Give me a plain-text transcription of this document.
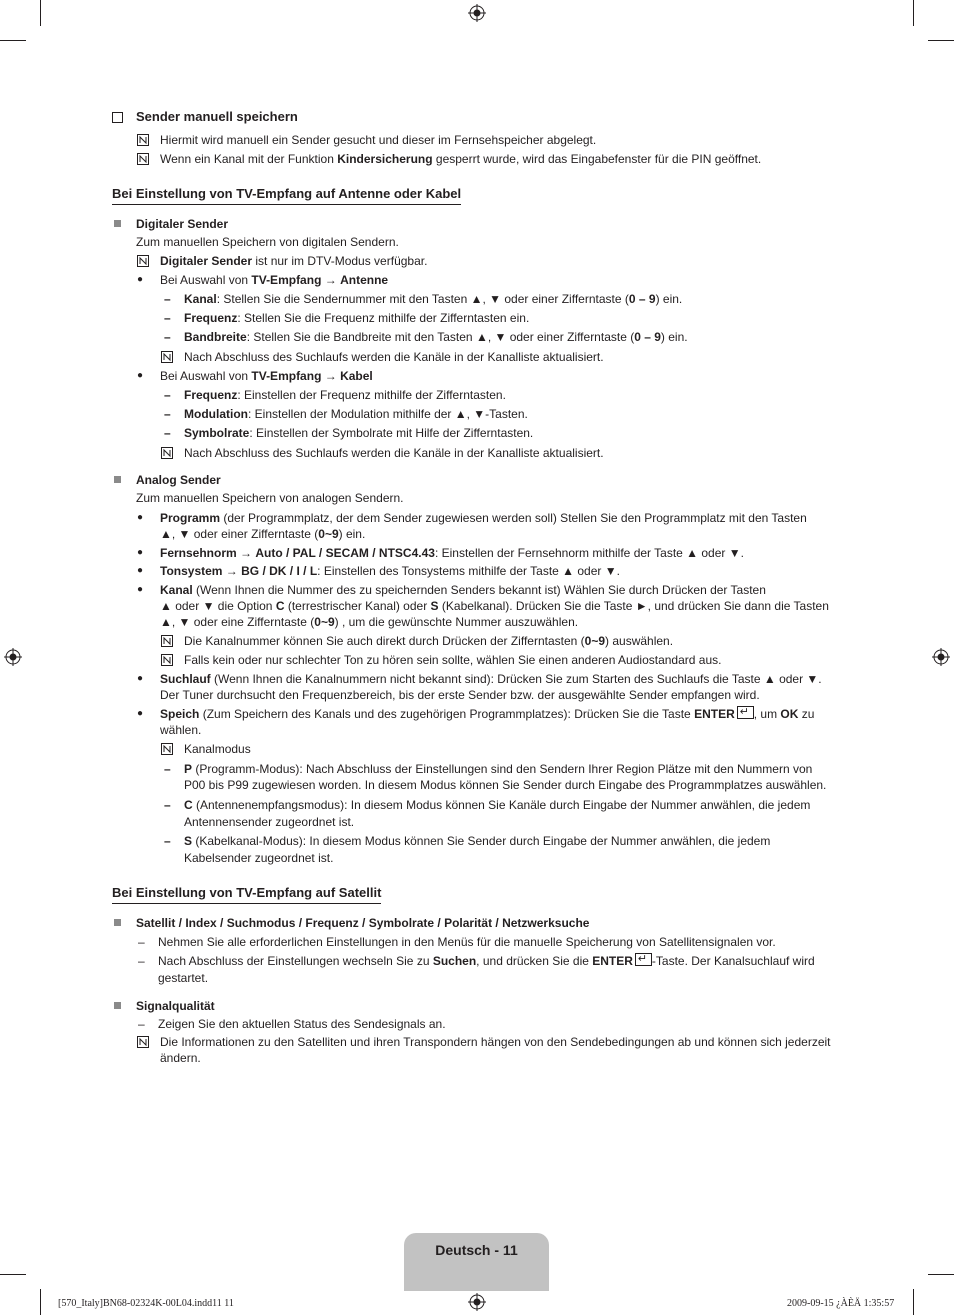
Sender manuell speichern
Hiermit wird manuell ein Sender gesucht und dieser im Fernsehspeicher abgelegt.
Wenn ein Kanal mit der Funktion Kindersicherung gesperrt wurde, wird das Eingabefenster für die PIN geöffnet.
Bei Einstellung von TV-Empfang auf Antenne oder Kabel
Digitaler Sender
Zum manuellen Speichern von digitalen Sendern.
Digitaler Sender ist nur im DTV-Modus verfügbar.
● Bei Auswahl von TV-Empfang → Antenne
– Kanal: Stellen Sie die Sendernummer mit den Tasten ▲, ▼ oder einer Zifferntaste (0 – 9) ein.
– Frequenz: Stellen Sie die Frequenz mithilfe der Zifferntasten ein.
– Bandbreite: Stellen Sie die Bandbreite mit den Tasten ▲, ▼ oder einer Zifferntaste (0 – 9) ein.
Nach Abschluss des Suchlaufs werden die Kanäle in der Kanalliste aktualisiert.
● Bei Auswahl von TV-Empfang → Kabel
– Frequenz: Einstellen der Frequenz mithilfe der Zifferntasten.
– Modulation: Einstellen der Modulation mithilfe der ▲, ▼-Tasten.
– Symbolrate: Einstellen der Symbolrate mit Hilfe der Zifferntasten.
Nach Abschluss des Suchlaufs werden die Kanäle in der Kanalliste aktualisiert.
Analog Sender
Zum manuellen Speichern von analogen Sendern.
● Programm (der Programmplatz, der dem Sender zugewiesen werden soll) Stellen Sie den Programmplatz mit den Tasten
▲, ▼ oder einer Zifferntaste (0~9) ein.
● Fernsehnorm → Auto / PAL / SECAM / NTSC4.43: Einstellen der Fernsehnorm mithilfe der Taste ▲ oder ▼.
● Tonsystem → BG / DK / I / L: Einstellen des Tonsystems mithilfe der Taste ▲ oder ▼.
● Kanal (Wenn Ihnen die Nummer des zu speichernden Senders bekannt ist) Wählen Sie durch Drücken der Tasten
▲ oder ▼ die Option C (terrestrischer Kanal) oder S (Kabelkanal). Drücken Sie die Taste ►, und drücken Sie dann die Tasten
▲, ▼ oder eine Zifferntaste (0~9) , um die gewünschte Nummer auszuwählen.
Die Kanalnummer können Sie auch direkt durch Drücken der Zifferntasten (0~9) auswählen.
Falls kein oder nur schlechter Ton zu hören sein sollte, wählen Sie einen anderen Audiostandard aus.
● Suchlauf (Wenn Ihnen die Kanalnummern nicht bekannt sind): Drücken Sie zum Starten des Suchlaufs die Taste ▲ oder ▼.
Der Tuner durchsucht den Frequenzbereich, bis der erste Sender bzw. der ausgewählte Sender empfangen wird.
● Speich (Zum Speichern des Kanals und des zugehörigen Programmplatzes): Drücken Sie die Taste ENTER ↵ , um OK zu
wählen.
Kanalmodus
– P (Programm-Modus): Nach Abschluss der Einstellungen sind den Sendern Ihrer Region Plätze mit den Nummern von
P00 bis P99 zugewiesen worden. In diesem Modus können Sie Sender durch Eingabe des Programmplatzes auswählen.
– C (Antennenempfangsmodus): In diesem Modus können Sie Kanäle durch Eingabe der Nummer anwählen, die jedem
Antennensender zugeordnet ist.
– S (Kabelkanal-Modus): In diesem Modus können Sie Sender durch Eingabe der Nummer anwählen, die jedem
Kabelsender zugeordnet ist.
Bei Einstellung von TV-Empfang auf Satellit
Satellit / Index / Suchmodus / Frequenz / Symbolrate / Polarität / Netzwerksuche
– Nehmen Sie alle erforderlichen Einstellungen in den Menüs für die manuelle Speicherung von Satellitensignalen vor.
– Nach Abschluss der Einstellungen wechseln Sie zu Suchen, und drücken Sie die ENTER ↵ -Taste. Der Kanalsuchlauf wird
gestartet.
Signalqualität
– Zeigen Sie den aktuellen Status des Sendesignals an.
Die Informationen zu den Satelliten und ihren Transpondern hängen von den Sendebedingungen ab und können sich jederzeit
ändern.
Deutsch - 11
[570_Italy]BN68-02324K-00L04.indd11 11	2009-09-15 ¿ÀÈÄ 1:35:57
